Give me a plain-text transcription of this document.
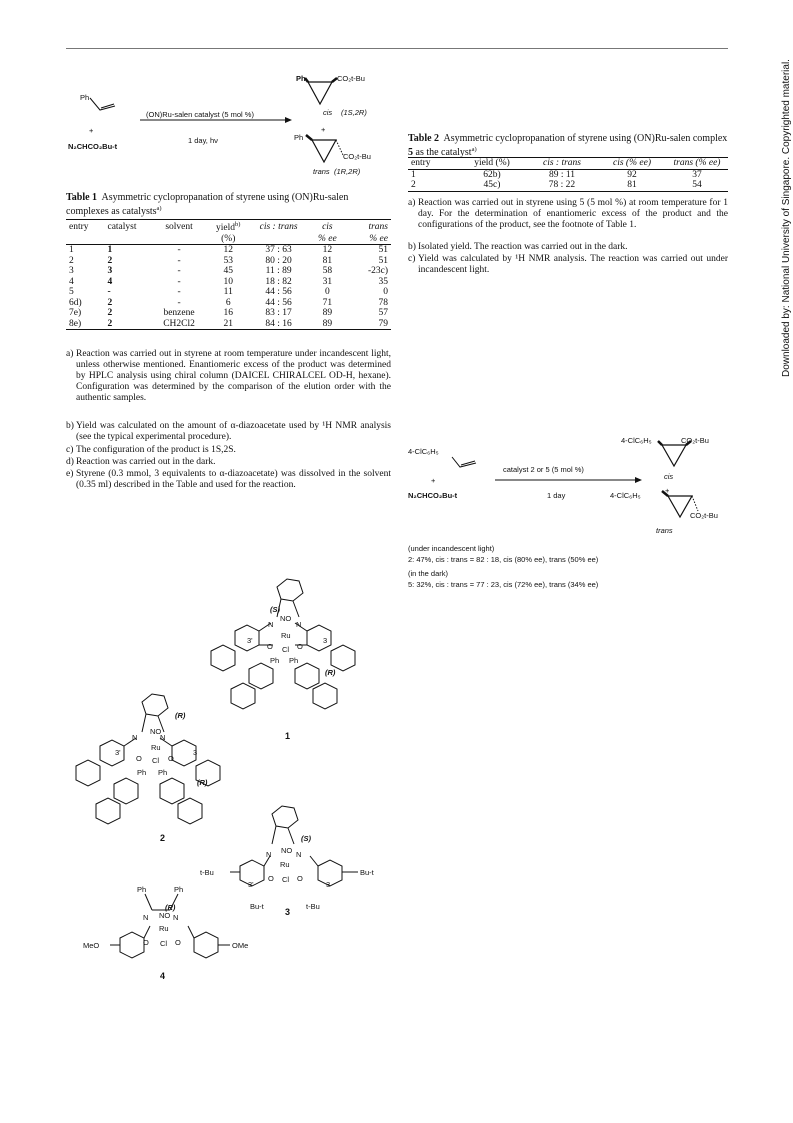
Downloaded by: National University of Singapore. Copyrighted material.
Ph
+
N₂CHCO₂Bu-t
(ON)Ru-salen catalyst (5 mol %)
1 day, hν
Ph	CO₂t-Bu
cis (1S,2R)
+
Ph
CO₂t-Bu
trans (1R,2R)
Table 1 Asymmetric cyclopropanation of styrene using (ON)Ru-salen complexes as catalysts$^{a)}$
entry	catalyst	solvent	yield$^{b)}$	cis : trans	cis	trans
			(%)		% ee	% ee
1	1	-	12	37 : 63	12	51
2	2	-	53	80 : 20	81	51
3	3	-	45	11 : 89	58	-23c)
4	4	-	10	18 : 82	31	35
5	-	-	11	44 : 56	0	0
6d)	2	-	6	44 : 56	71	78
7e)	2	benzene	16	83 : 17	89	57
8e)	2	CH2Cl2	21	84 : 16	89	79
a) Reaction was carried out in styrene at room temperature under incandescent light, unless otherwise mentioned. Enantiomeric excess of the product was determined by HPLC analysis using chiral column (DAICEL CHIRALCEL OD-H, hexane). Configuration was determined by the comparison of the elution order with the authentic samples.
b) Yield was calculated on the amount of α-diazoacetate used by ¹H NMR analysis (see the typical experimental procedure).
c) The configuration of the product is 1S,2S.
d) Reaction was carried out in the dark.
e) Styrene (0.3 mmol, 3 equivalents to α-diazoacetate) was dissolved in the solvent (0.35 ml) described in the Table and used for the reaction.
Table 2 Asymmetric cyclopropanation of styrene using (ON)Ru-salen complex 5 as the catalyst$^{a)}$
entry	yield (%)	cis : trans	cis (% ee)	trans (% ee)
1	62b)	89 : 11	92	37
2	45c)	78 : 22	81	54
a) Reaction was carried out in styrene using 5 (5 mol %) at room temperature for 1 day. For the determination of enantiomeric excess of the product and the configurations of the product, see the footnote of Table 1.
b) Isolated yield. The reaction was carried out in the dark.
c) Yield was calculated by ¹H NMR analysis. The reaction was carried out under incandescent light.
4-ClC₆H₅
+
N₂CHCO₂Bu-t
catalyst 2 or 5 (5 mol %)
1 day
4-ClC₆H₅	CO₂t-Bu
cis
+
4-ClC₆H₅
CO₂t-Bu
trans
(under incandescent light)
2: 47%, cis : trans = 82 : 18, cis (80% ee), trans (50% ee)
(in the dark)
5: 32%, cis : trans = 77 : 23, cis (72% ee), trans (34% ee)
(S)
N
NO
N
Ru
O Cl O
3'	3
Ph Ph
(R)
1
(R)
N
NO
N
Ru
O Cl O
3'	3
Ph Ph
(R)
2	(S)
N NO N
Ru
O Cl O
3'	3
t-Bu	Bu-t
Bu-t	t-Bu
3
Ph	Ph
(R)
N NO N
Ru
O Cl O
MeO	OMe
4
